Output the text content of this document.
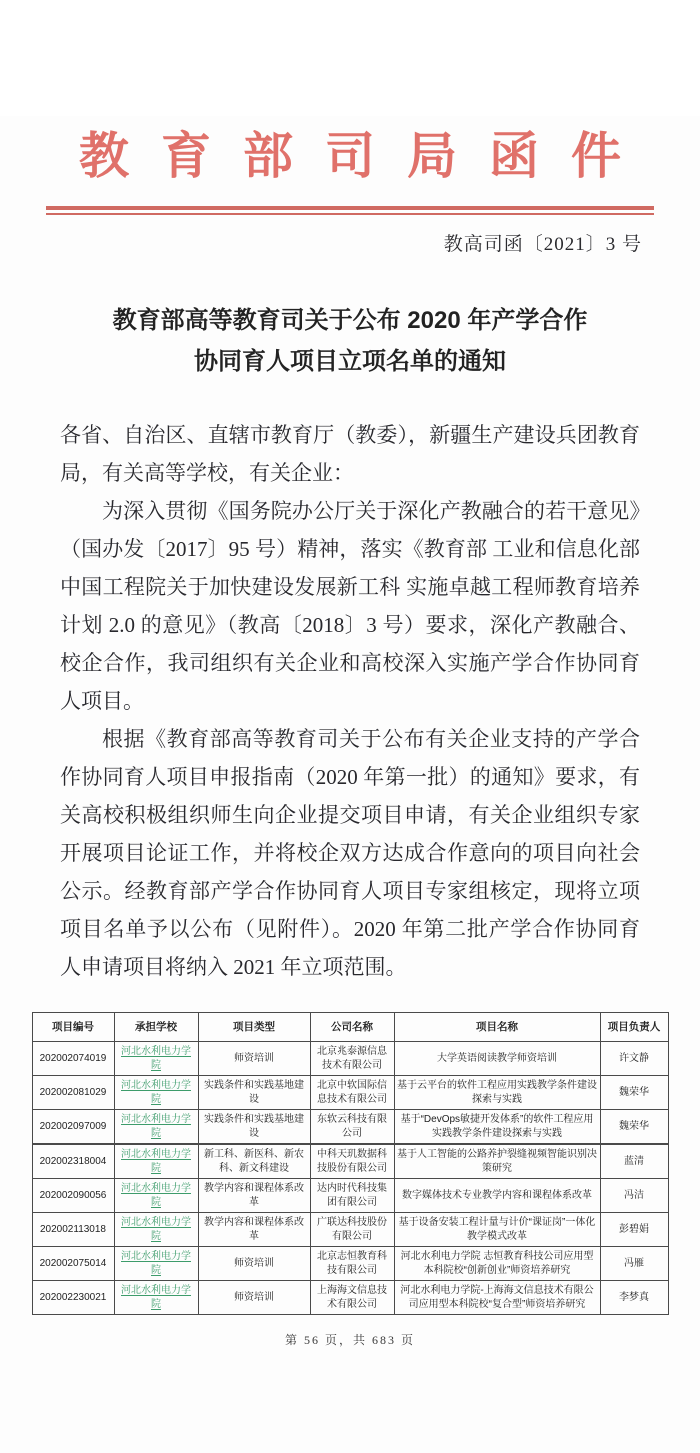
教育部司局函件
教高司函〔2021〕3 号
教育部高等教育司关于公布 2020 年产学合作
协同育人项目立项名单的通知

各省、自治区、直辖市教育厅（教委），新疆生产建设兵团教育局，有关高等学校，有关企业：

为深入贯彻《国务院办公厅关于深化产教融合的若干意见》（国办发〔2017〕95 号）精神，落实《教育部 工业和信息化部 中国工程院关于加快建设发展新工科 实施卓越工程师教育培养计划 2.0 的意见》（教高〔2018〕3 号）要求，深化产教融合、校企合作，我司组织有关企业和高校深入实施产学合作协同育人项目。

根据《教育部高等教育司关于公布有关企业支持的产学合作协同育人项目申报指南（2020 年第一批）的通知》要求，有关高校积极组织师生向企业提交项目申请，有关企业组织专家开展项目论证工作，并将校企双方达成合作意向的项目向社会公示。经教育部产学合作协同育人项目专家组核定，现将立项项目名单予以公布（见附件）。2020 年第二批产学合作协同育人申请项目将纳入 2021 年立项范围。

项目编号	承担学校	项目类型	公司名称	项目名称	项目负责人
202002074019	河北水利电力学院	师资培训	北京兆泰源信息技术有限公司	大学英语阅读教学师资培训	许文静
202002081029	河北水利电力学院	实践条件和实践基地建设	北京中软国际信息技术有限公司	基于云平台的软件工程应用实践教学条件建设探索与实践	魏荣华
202002097009	河北水利电力学院	实践条件和实践基地建设	东软云科技有限公司	基于“DevOps敏捷开发体系”的软件工程应用实践教学条件建设探索与实践	魏荣华
202002318004	河北水利电力学院	新工科、新医科、新农科、新文科建设	中科天玑数据科技股份有限公司	基于人工智能的公路养护裂缝视频智能识别决策研究	蓝清
202002090056	河北水利电力学院	教学内容和课程体系改革	达内时代科技集团有限公司	数字媒体技术专业教学内容和课程体系改革	冯洁
202002113018	河北水利电力学院	教学内容和课程体系改革	广联达科技股份有限公司	基于设备安装工程计量与计价“课证岗”一体化教学模式改革	彭碧娟
202002075014	河北水利电力学院	师资培训	北京志恒教育科技有限公司	河北水利电力学院 志恒教育科技公司应用型本科院校“创新创业”师资培养研究	冯雁
202002230021	河北水利电力学院	师资培训	上海海文信息技术有限公司	河北水利电力学院-上海海文信息技术有限公司应用型本科院校“复合型”师资培养研究	李梦真
第 56 页，共 683 页
